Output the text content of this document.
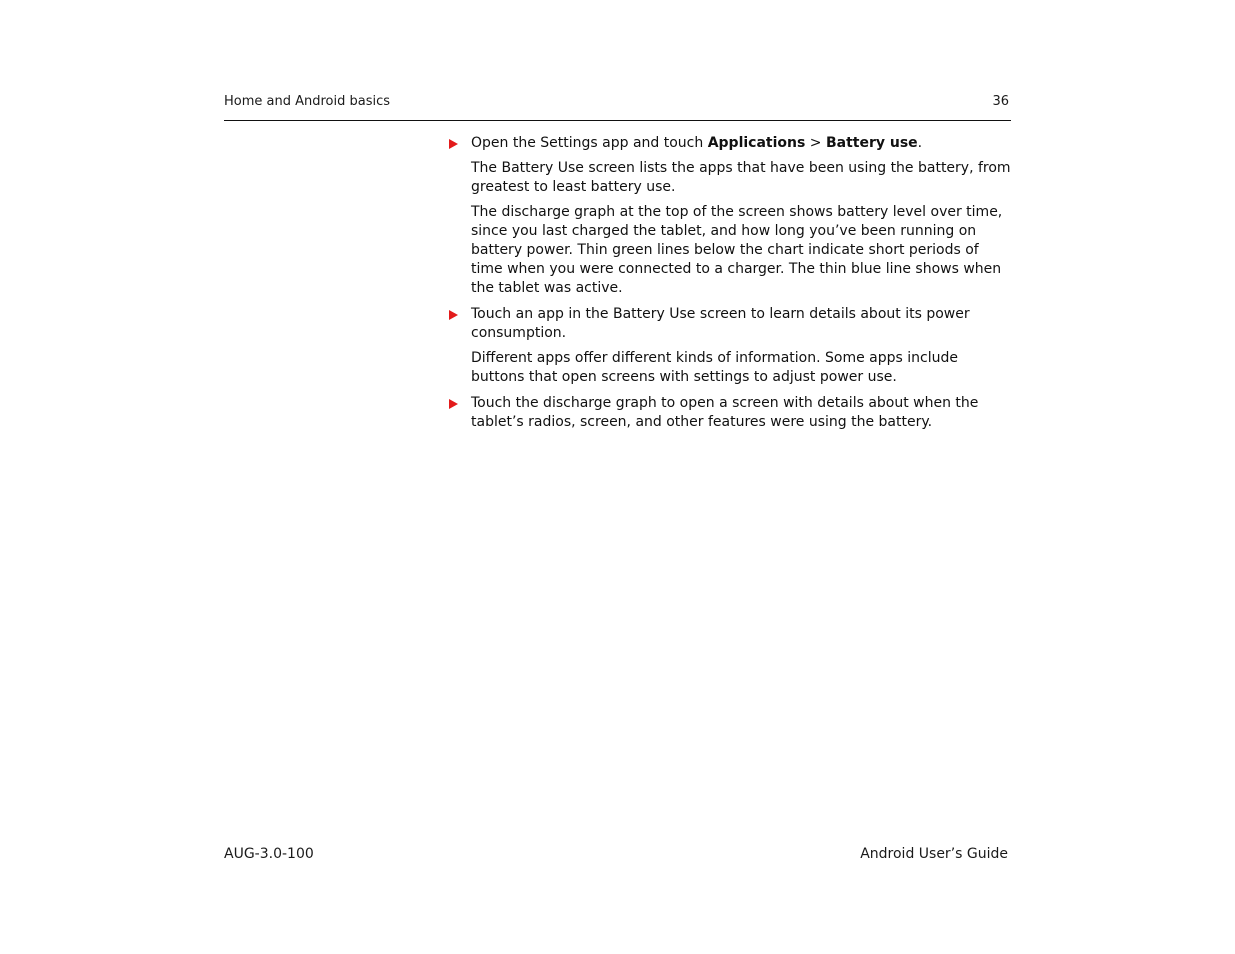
Home and Android basics	36
Open the Settings app and touch Applications > Battery use.

The Battery Use screen lists the apps that have been using the battery, from greatest to least battery use.

The discharge graph at the top of the screen shows battery level over time, since you last charged the tablet, and how long you’ve been running on battery power. Thin green lines below the chart indicate short periods of time when you were connected to a charger. The thin blue line shows when the tablet was active.

Touch an app in the Battery Use screen to learn details about its power consumption.

Different apps offer different kinds of information. Some apps include buttons that open screens with settings to adjust power use.

Touch the discharge graph to open a screen with details about when the tablet’s radios, screen, and other features were using the battery.
AUG-3.0-100	Android User’s Guide
